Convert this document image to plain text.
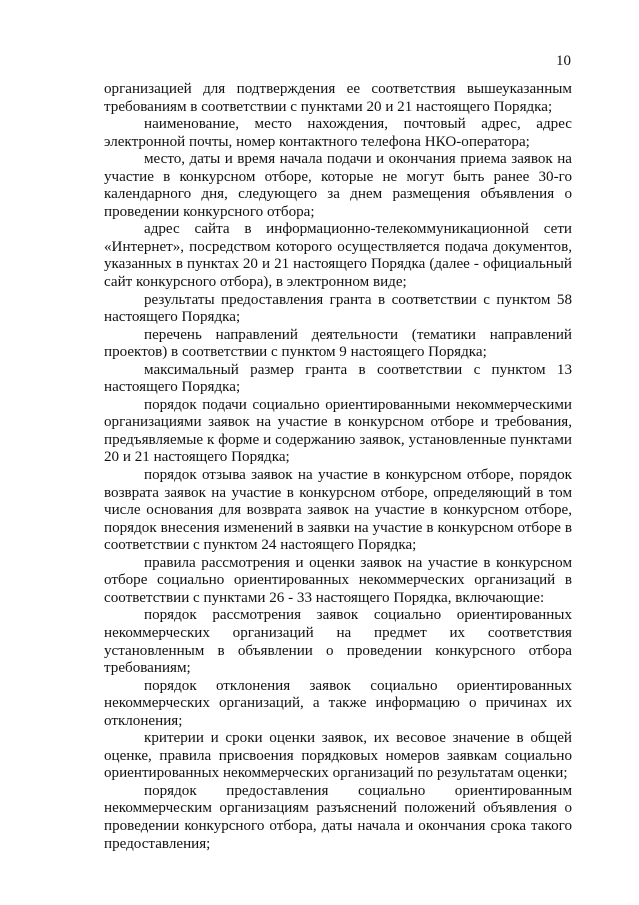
10

организацией для подтверждения ее соответствия вышеуказанным требованиям в соответствии с пунктами 20 и 21 настоящего Порядка;

наименование, место нахождения, почтовый адрес, адрес электронной почты, номер контактного телефона НКО-оператора;

место, даты и время начала подачи и окончания приема заявок на участие в конкурсном отборе, которые не могут быть ранее 30-го календарного дня, следующего за днем размещения объявления о проведении конкурсного отбора;

адрес сайта в информационно-телекоммуникационной сети «Интернет», посредством которого осуществляется подача документов, указанных в пунктах 20 и 21 настоящего Порядка (далее - официальный сайт конкурсного отбора), в электронном виде;

результаты предоставления гранта в соответствии с пунктом 58 настоящего Порядка;

перечень направлений деятельности (тематики направлений проектов) в соответствии с пунктом 9 настоящего Порядка;

максимальный размер гранта в соответствии с пунктом 13 настоящего Порядка;

порядок подачи социально ориентированными некоммерческими организациями заявок на участие в конкурсном отборе и требования, предъявляемые к форме и содержанию заявок, установленные пунктами 20 и 21 настоящего Порядка;

порядок отзыва заявок на участие в конкурсном отборе, порядок возврата заявок на участие в конкурсном отборе, определяющий в том числе основания для возврата заявок на участие в конкурсном отборе, порядок внесения изменений в заявки на участие в конкурсном отборе в соответствии с пунктом 24 настоящего Порядка;

правила рассмотрения и оценки заявок на участие в конкурсном отборе социально ориентированных некоммерческих организаций в соответствии с пунктами 26 - 33 настоящего Порядка, включающие:

порядок рассмотрения заявок социально ориентированных некоммерческих организаций на предмет их соответствия установленным в объявлении о проведении конкурсного отбора требованиям;

порядок отклонения заявок социально ориентированных некоммерческих организаций, а также информацию о причинах их отклонения;

критерии и сроки оценки заявок, их весовое значение в общей оценке, правила присвоения порядковых номеров заявкам социально ориентированных некоммерческих организаций по результатам оценки;

порядок предоставления социально ориентированным некоммерческим организациям разъяснений положений объявления о проведении конкурсного отбора, даты начала и окончания срока такого предоставления;
